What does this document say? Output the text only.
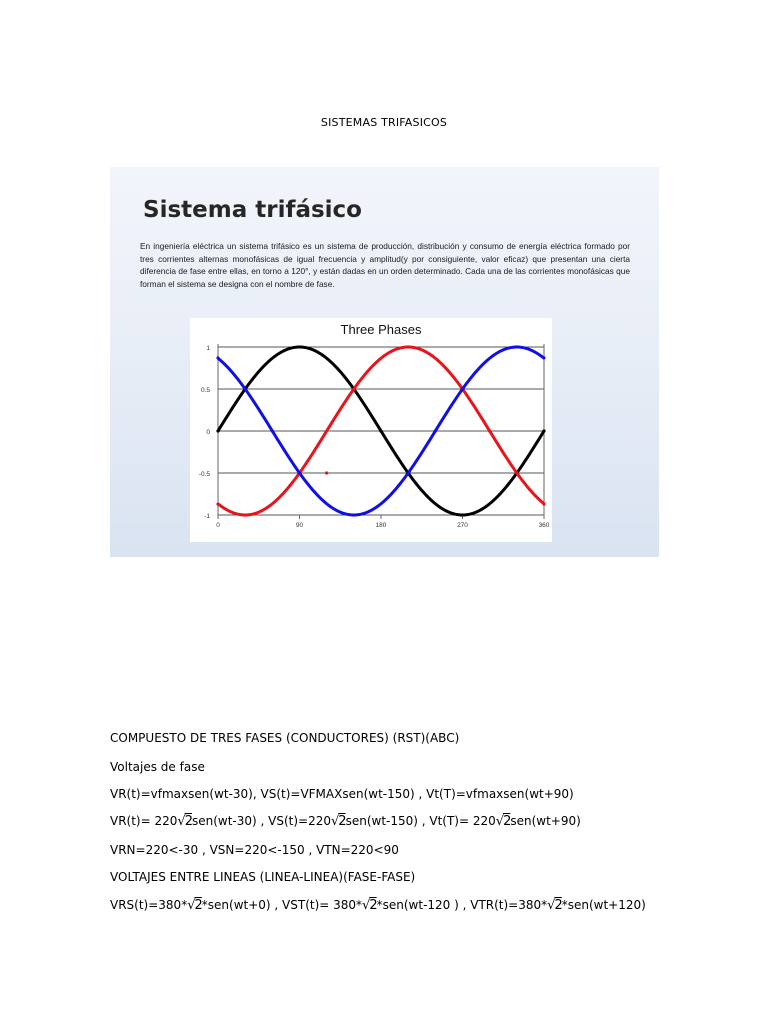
SISTEMAS TRIFASICOS
Sistema trifásico
En ingeniería eléctrica un sistema trifásico es un sistema de producción, distribución y consumo de energía eléctrica formado por tres corrientes alternas monofásicas de igual frecuencia y amplitud(y por consiguiente, valor eficaz) que presentan una cierta diferencia de fase entre ellas, en torno a 120°, y están dadas en un orden determinado. Cada una de las corrientes monofásicas que forman el sistema se designa con el nombre de fase.
Three Phases
1
0.5
0
-0.5
-1
0	90	180	270	360
COMPUESTO DE TRES FASES (CONDUCTORES) (RST)(ABC)
Voltajes de fase
VR(t)=vfmaxsen(wt-30), VS(t)=VFMAXsen(wt-150) , Vt(T)=vfmaxsen(wt+90)
VR(t)= 220√2sen(wt-30) , VS(t)=220√2sen(wt-150) , Vt(T)= 220√2sen(wt+90)
VRN=220<-30 , VSN=220<-150 , VTN=220<90
VOLTAJES ENTRE LINEAS (LINEA-LINEA)(FASE-FASE)
VRS(t)=380*√2*sen(wt+0) , VST(t)= 380*√2*sen(wt-120 ) , VTR(t)=380*√2*sen(wt+120)
